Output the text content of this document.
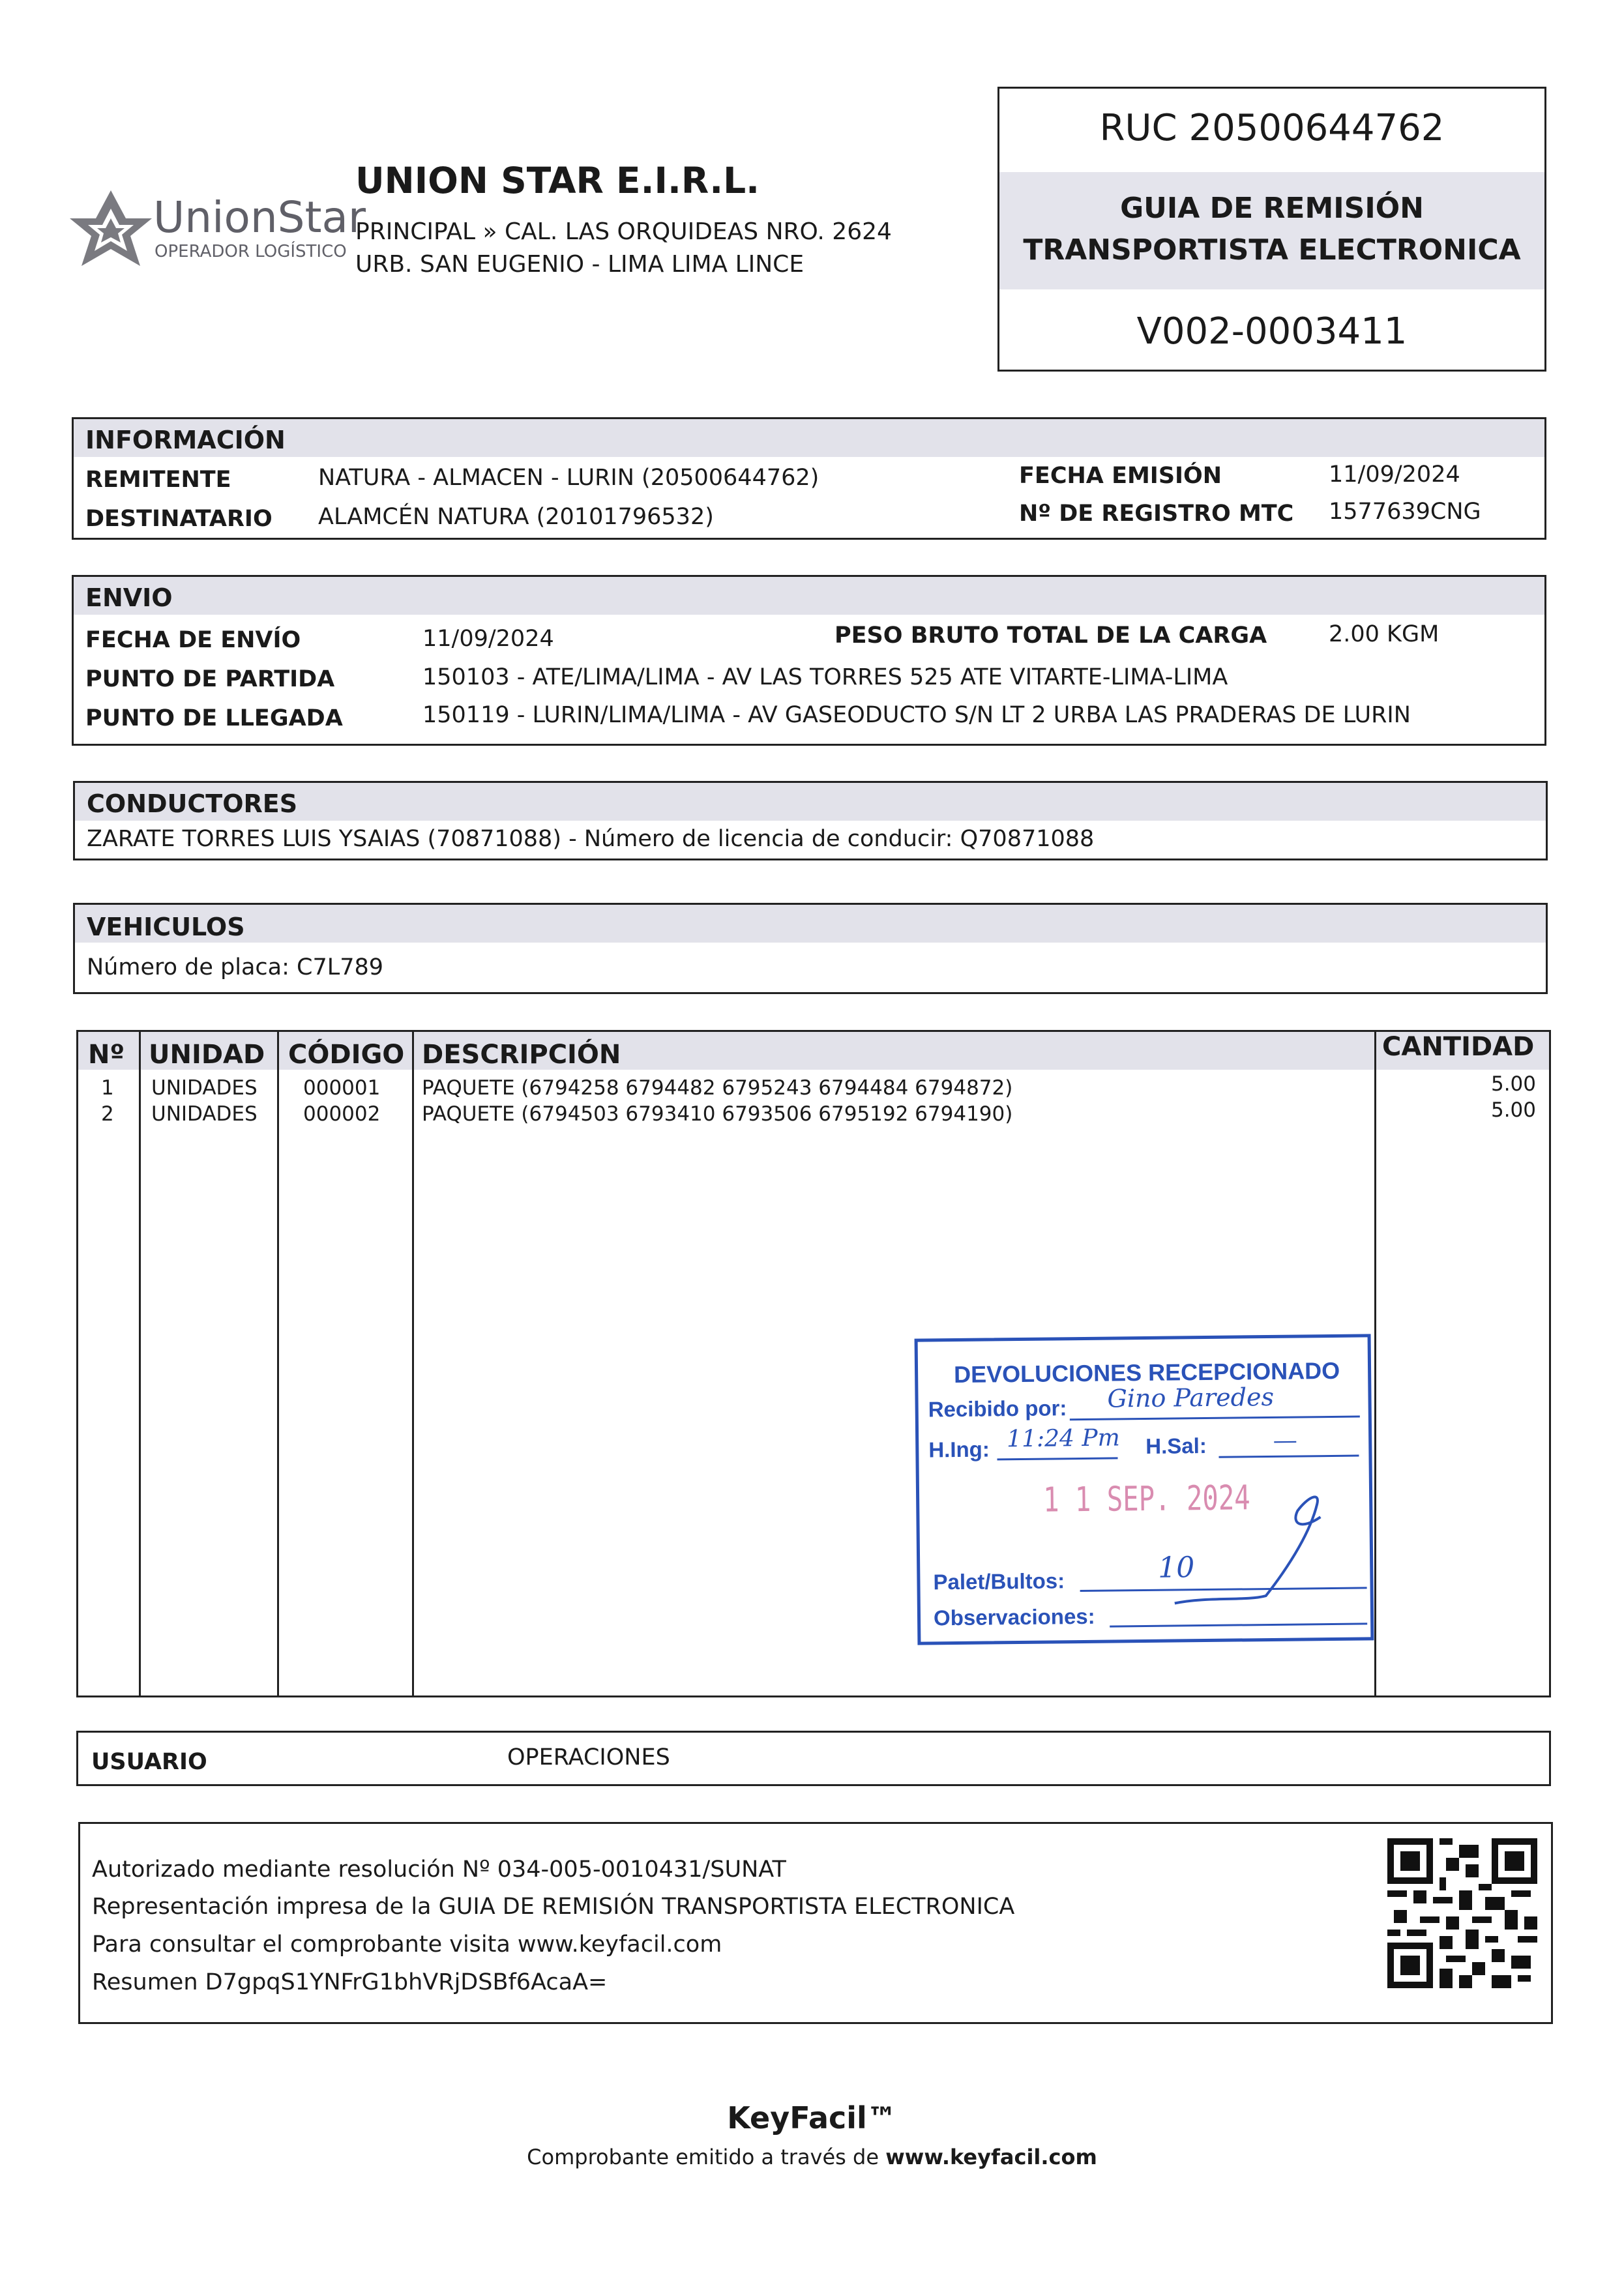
UnionStar
OPERADOR LOGÍSTICO
UNION STAR E.I.R.L.
PRINCIPAL » CAL. LAS ORQUIDEAS NRO. 2624
URB. SAN EUGENIO - LIMA LIMA LINCE
RUC 20500644762
GUIA DE REMISIÓN
TRANSPORTISTA ELECTRONICA
V002-0003411
INFORMACIÓN
REMITENTE	NATURA - ALMACEN - LURIN (20500644762)
DESTINATARIO ALAMCÉN NATURA (20101796532)
FECHA EMISIÓN	11/09/2024
Nº DE REGISTRO MTC 1577639CNG
ENVIO
FECHA DE ENVÍO	11/09/2024	PESO BRUTO TOTAL DE LA CARGA	2.00 KGM
PUNTO DE PARTIDA	150103 - ATE/LIMA/LIMA - AV LAS TORRES 525 ATE VITARTE-LIMA-LIMA
PUNTO DE LLEGADA	150119 - LURIN/LIMA/LIMA - AV GASEODUCTO S/N LT 2 URBA LAS PRADERAS DE LURIN
CONDUCTORES
ZARATE TORRES LUIS YSAIAS (70871088) - Número de licencia de conducir: Q70871088
VEHICULOS
Número de placa: C7L789
Nº UNIDAD CÓDIGO DESCRIPCIÓN	CANTIDAD
1 UNIDADES 000001 PAQUETE (6794258 6794482 6795243 6794484 6794872)	5.00
2 UNIDADES 000002 PAQUETE (6794503 6793410 6793506 6795192 6794190)	5.00
DEVOLUCIONES RECEPCIONADO
Recibido por: Gino Paredes
H.Ing: 11:24 Pm H.Sal:	—
1 1 SEP. 2024
Palet/Bultos:	10
Observaciones:
USUARIO	OPERACIONES
Autorizado mediante resolución Nº 034-005-0010431/SUNAT
Representación impresa de la GUIA DE REMISIÓN TRANSPORTISTA ELECTRONICA
Para consultar el comprobante visita www.keyfacil.com
Resumen D7gpqS1YNFrG1bhVRjDSBf6AcaA=
KeyFacil™
Comprobante emitido a través de www.keyfacil.com
